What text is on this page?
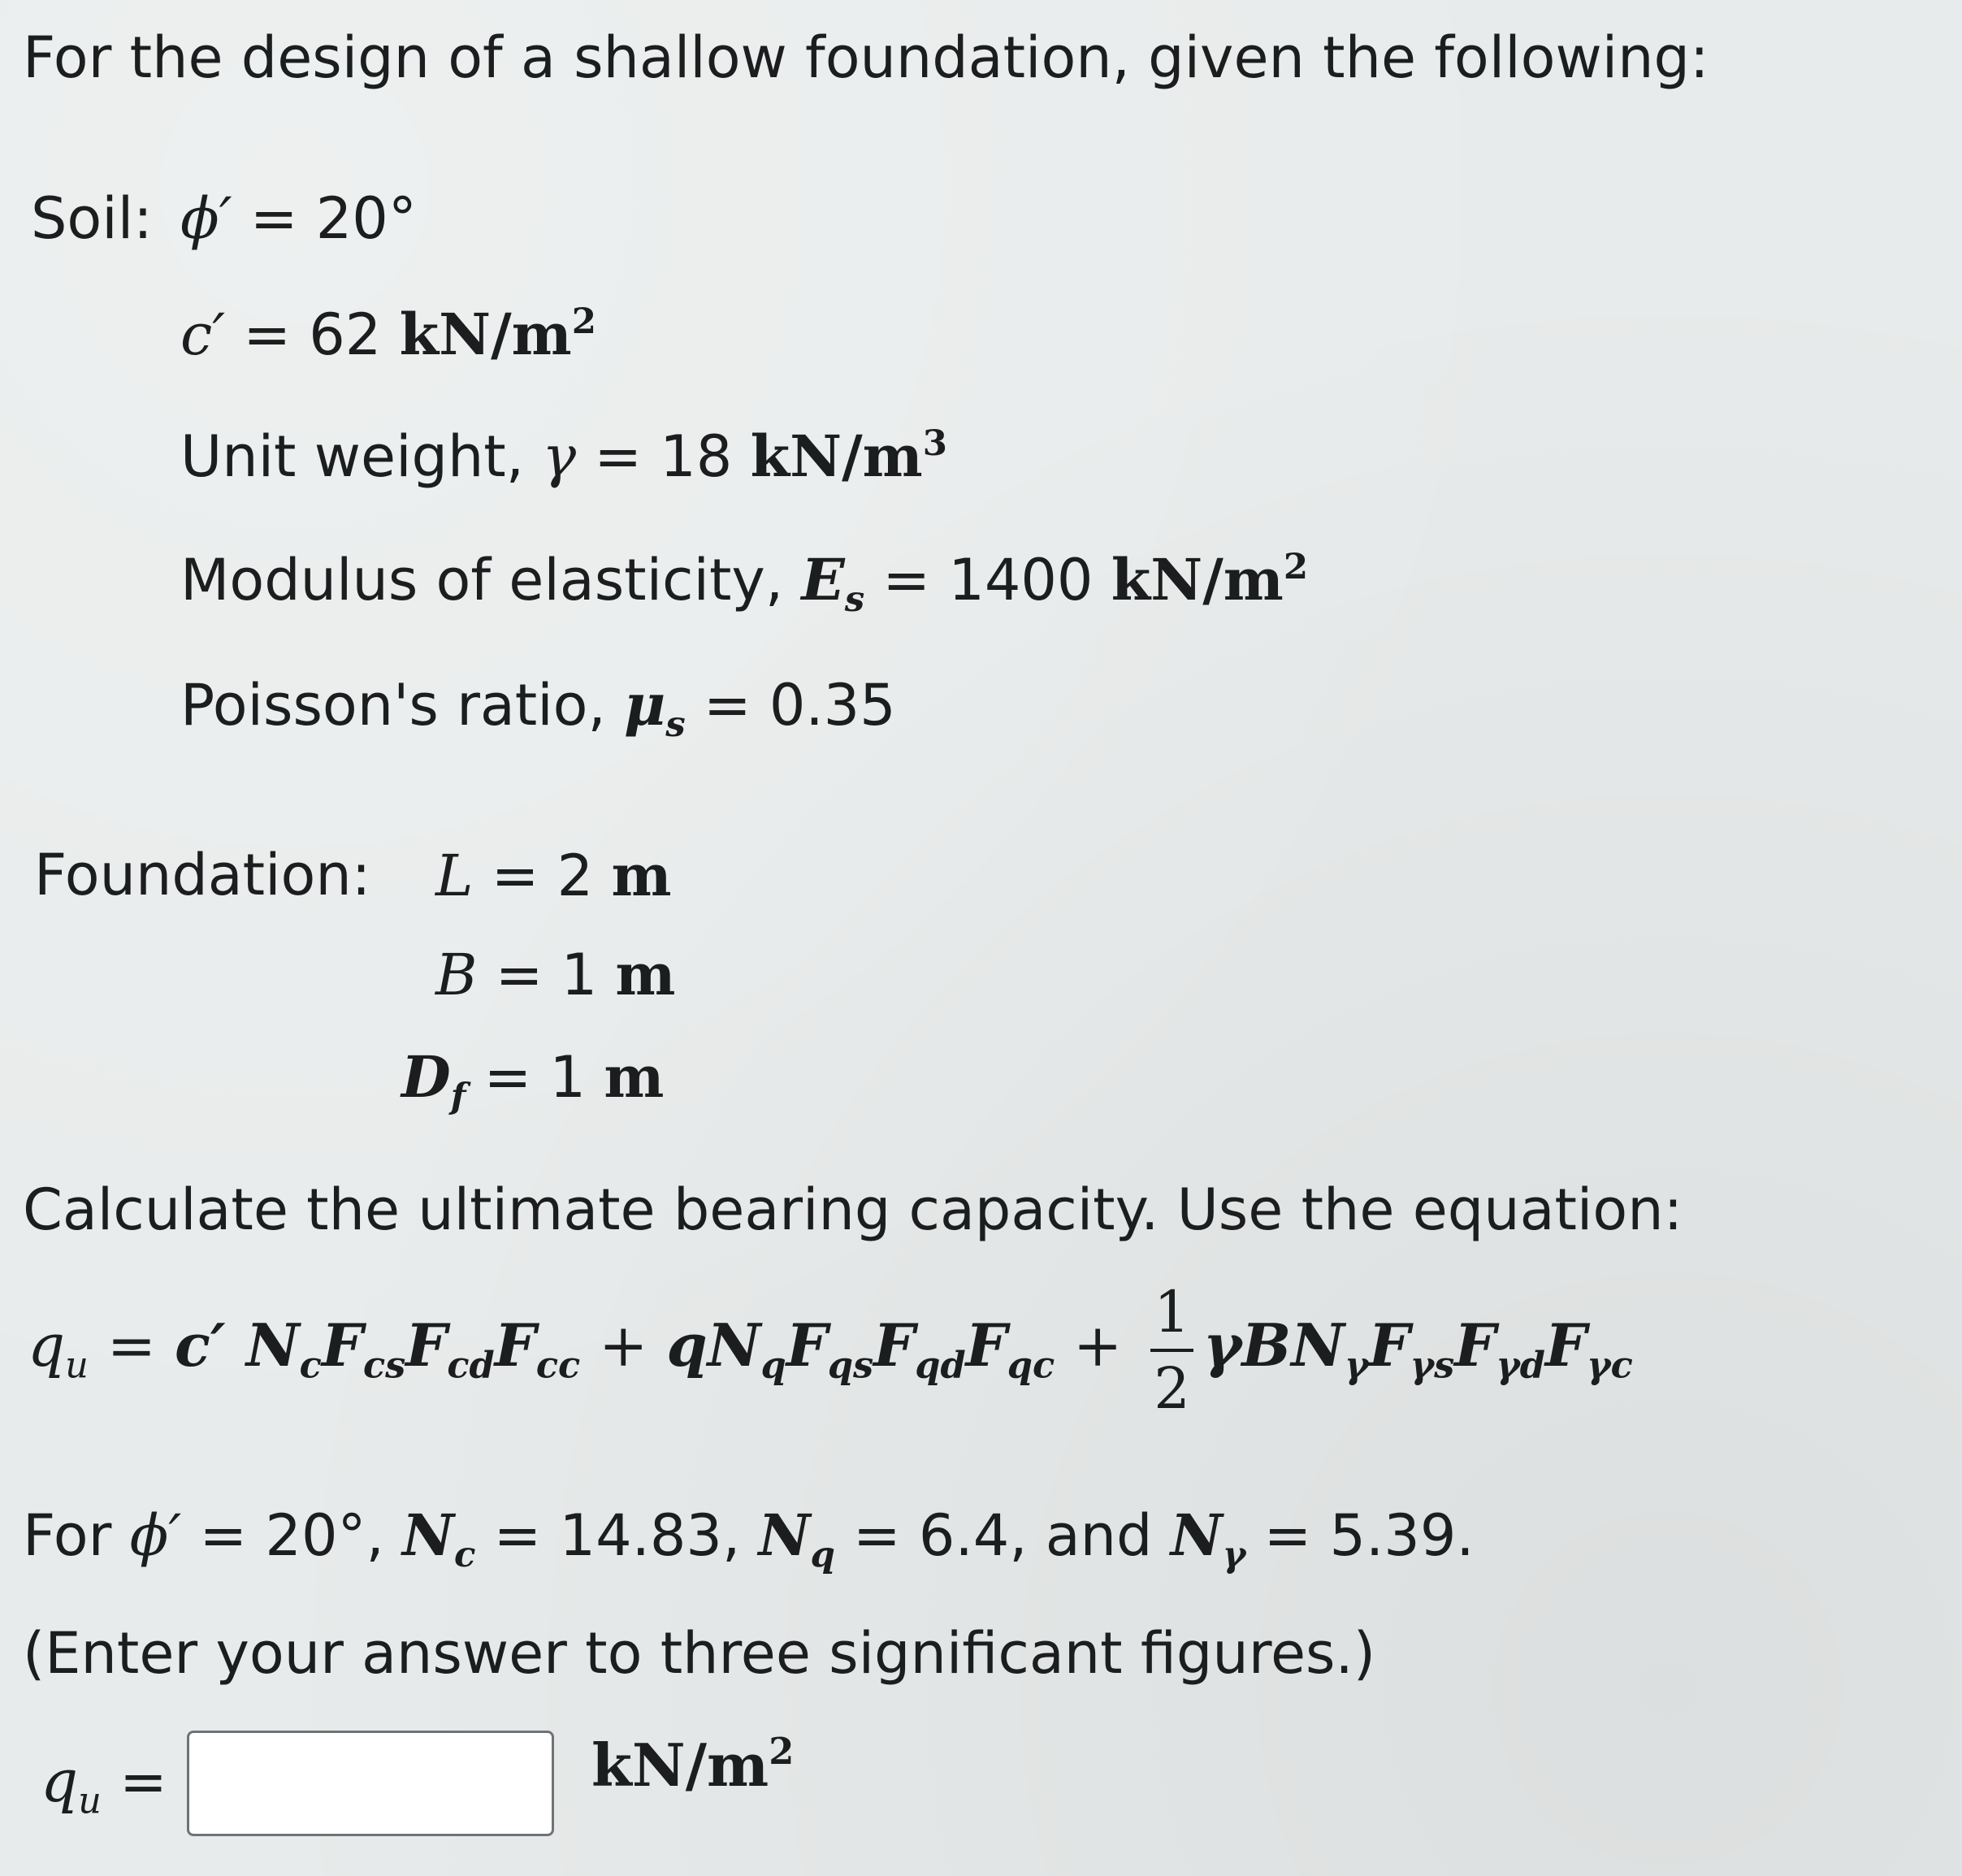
For the design of a shallow foundation, given the following:
Soil: ϕ′ = 20°
c′ = 62 $kN/m^2$
Unit weight, γ = 18 $kN/m^3$
Modulus of elasticity, $E_s = 1400$ $kN/m^2$
Poisson's ratio, $\mu_s = 0.35$
Foundation: L = 2 m
B = 1 m
$D_f = 1$ m
Calculate the ultimate bearing capacity. Use the equation:
$q_u = c'$ $N_cF_{cs}F_{cd}F_{cc} + qN_qF_{qs}F_{qd}F_{qc} + \frac{1}{2} \gamma BN_\gamma F_{\gamma s}F_{\gamma d}F_{\gamma c}$
For ϕ′ = 20°, $N_c = 14.83$, $N_q = 6.4$, and $N_\gamma = 5.39$.
(Enter your answer to three significant figures.)
$q_u$ =	$kN/m^2$
